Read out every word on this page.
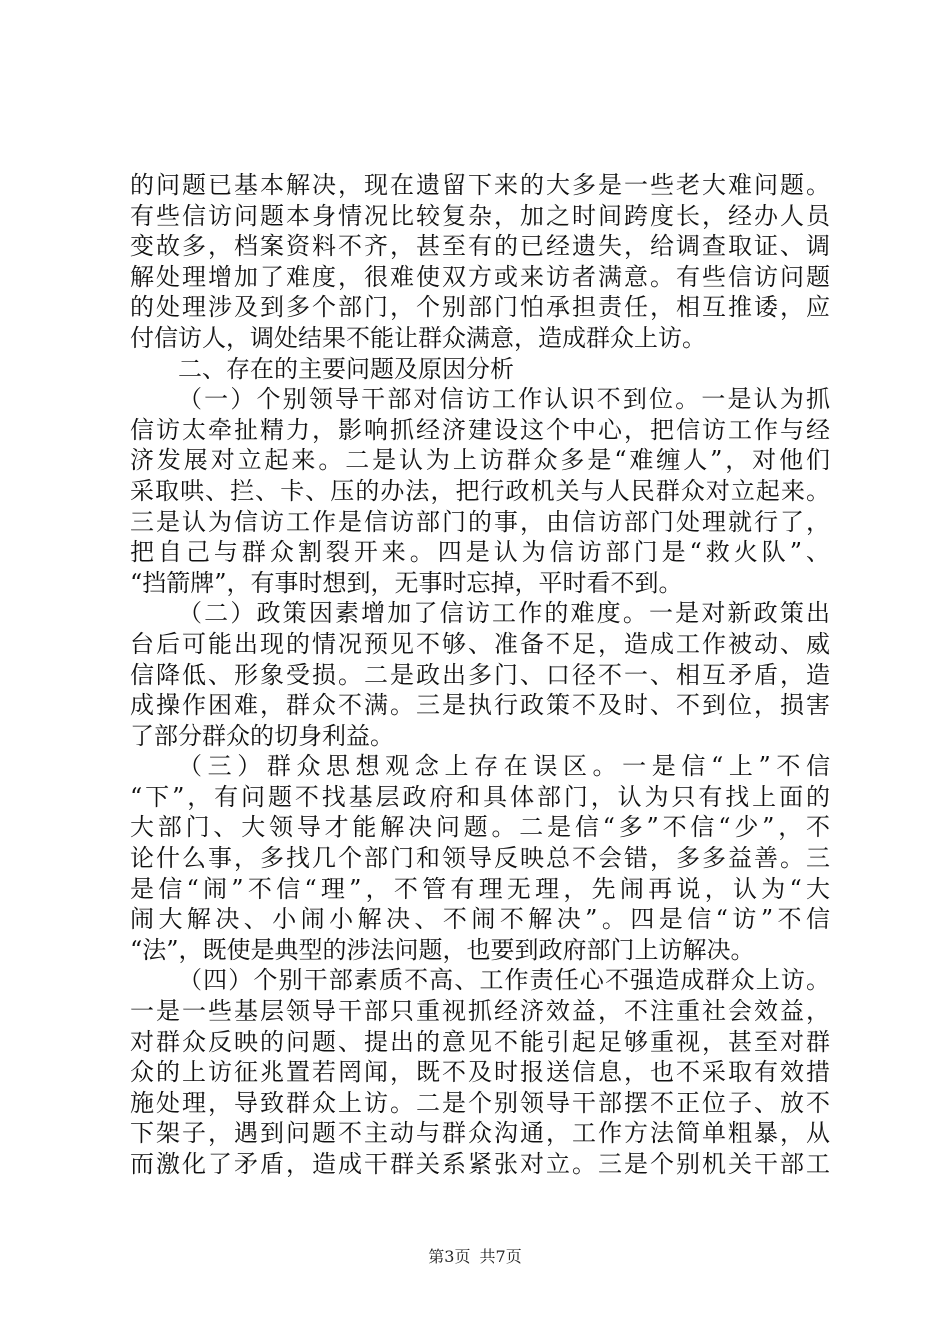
的问题已基本解决，现在遗留下来的大多是一些老大难问题。
有些信访问题本身情况比较复杂，加之时间跨度长，经办人员
变故多，档案资料不齐，甚至有的已经遗失，给调查取证、调
解处理增加了难度，很难使双方或来访者满意。有些信访问题
的处理涉及到多个部门，个别部门怕承担责任，相互推诿，应
付信访人，调处结果不能让群众满意，造成群众上访。
二、存在的主要问题及原因分析
（一）个别领导干部对信访工作认识不到位。一是认为抓
信访太牵扯精力，影响抓经济建设这个中心，把信访工作与经
济发展对立起来。二是认为上访群众多是“难缠人”，对他们
采取哄、拦、卡、压的办法，把行政机关与人民群众对立起来。
三是认为信访工作是信访部门的事，由信访部门处理就行了，
把自己与群众割裂开来。四是认为信访部门是“救火队”、
“挡箭牌”，有事时想到，无事时忘掉，平时看不到。
（二）政策因素增加了信访工作的难度。一是对新政策出
台后可能出现的情况预见不够、准备不足，造成工作被动、威
信降低、形象受损。二是政出多门、口径不一、相互矛盾，造
成操作困难，群众不满。三是执行政策不及时、不到位，损害
了部分群众的切身利益。
（三）群众思想观念上存在误区。一是信“上”不信
“下”，有问题不找基层政府和具体部门，认为只有找上面的
大部门、大领导才能解决问题。二是信“多”不信“少”，不
论什么事，多找几个部门和领导反映总不会错，多多益善。三
是信“闹”不信“理”，不管有理无理，先闹再说，认为“大
闹大解决、小闹小解决、不闹不解决”。四是信“访”不信
“法”，既使是典型的涉法问题，也要到政府部门上访解决。
（四）个别干部素质不高、工作责任心不强造成群众上访。
一是一些基层领导干部只重视抓经济效益，不注重社会效益，
对群众反映的问题、提出的意见不能引起足够重视，甚至对群
众的上访征兆置若罔闻，既不及时报送信息，也不采取有效措
施处理，导致群众上访。二是个别领导干部摆不正位子、放不
下架子，遇到问题不主动与群众沟通，工作方法简单粗暴，从
而激化了矛盾，造成干群关系紧张对立。三是个别机关干部工
第3页 共7页
